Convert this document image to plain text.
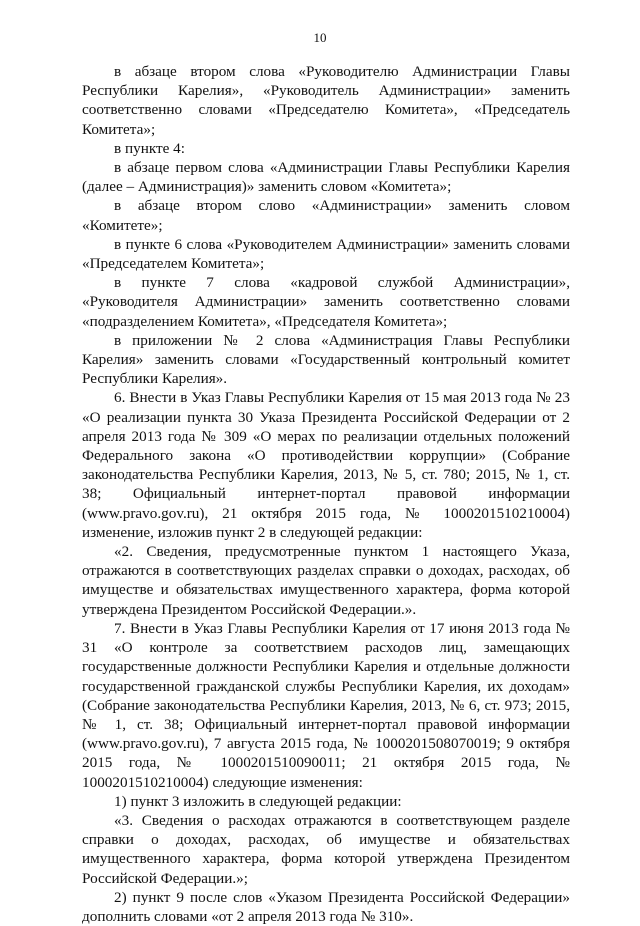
10

в абзаце втором слова «Руководителю Администрации Главы Республики Карелия», «Руководитель Администрации» заменить соответственно словами «Председателю Комитета», «Председатель Комитета»;

в пункте 4:

в абзаце первом слова «Администрации Главы Республики Карелия (далее – Администрация)» заменить словом «Комитета»;

в абзаце втором слово «Администрации» заменить словом «Комитете»;

в пункте 6 слова «Руководителем Администрации» заменить словами «Председателем Комитета»;

в пункте 7 слова «кадровой службой Администрации», «Руководителя Администрации» заменить соответственно словами «подразделением Комитета», «Председателя Комитета»;

в приложении № 2 слова «Администрация Главы Республики Карелия» заменить словами «Государственный контрольный комитет Республики Карелия».

6. Внести в Указ Главы Республики Карелия от 15 мая 2013 года № 23 «О реализации пункта 30 Указа Президента Российской Федерации от 2 апреля 2013 года № 309 «О мерах по реализации отдельных положений Федерального закона «О противодействии коррупции» (Собрание законодательства Республики Карелия, 2013, № 5, ст. 780; 2015, № 1, ст. 38; Официальный интернет-портал правовой информации (www.pravo.gov.ru), 21 октября 2015 года, № 1000201510210004) изменение, изложив пункт 2 в следующей редакции:

«2. Сведения, предусмотренные пунктом 1 настоящего Указа, отражаются в соответствующих разделах справки о доходах, расходах, об имуществе и обязательствах имущественного характера, форма которой утверждена Президентом Российской Федерации.».

7. Внести в Указ Главы Республики Карелия от 17 июня 2013 года № 31 «О контроле за соответствием расходов лиц, замещающих государственные должности Республики Карелия и отдельные должности государственной гражданской службы Республики Карелия, их доходам» (Собрание законодательства Республики Карелия, 2013, № 6, ст. 973; 2015, № 1, ст. 38; Официальный интернет-портал правовой информации (www.pravo.gov.ru), 7 августа 2015 года, № 1000201508070019; 9 октября 2015 года, № 1000201510090011; 21 октября 2015 года, № 1000201510210004) следующие изменения:

1) пункт 3 изложить в следующей редакции:

«3. Сведения о расходах отражаются в соответствующем разделе справки о доходах, расходах, об имуществе и обязательствах имущественного характера, форма которой утверждена Президентом Российской Федерации.»;

2) пункт 9 после слов «Указом Президента Российской Федерации» дополнить словами «от 2 апреля 2013 года № 310».
